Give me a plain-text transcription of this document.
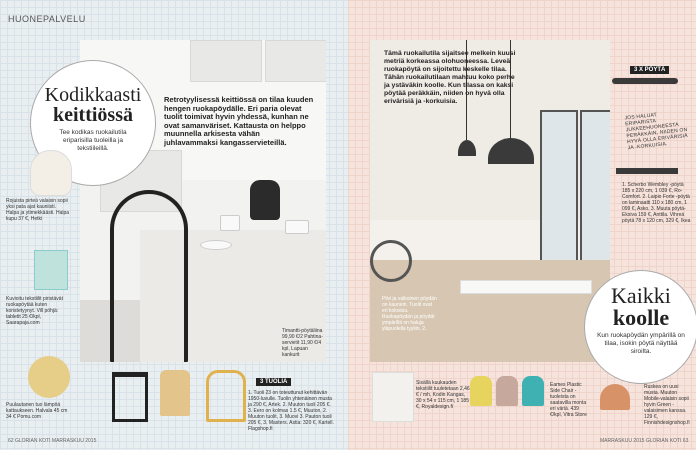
HUONEPALVELU
Kodikkaasti
keittiössä
Tee kodikas ruokailutila eriparisilla tuoleilla ja tekstiileillä.
Retrotyylisessä keittiössä on tilaa kuuden hengen ruokapöydälle. Eri paria olevat tuolit toimivat hyvin yhdessä, kunhan ne ovat samanväriset. Kattausta on helppo muunnella arkisesta vähän juhlavammaksi kangasservieteillä.
Rojuista pirteä valaisin sopii yksi pata ajat kauniisti. Halpa ja ytimekkäästi. Halpa kupu 37 €, Hetki
Kuvioitu tekstiilit piristävät ruokapöytää kuten koristetyynyt. Vill pöhjä: tabletit 25 €/kpl, Saarapaja.com
Puulautanen tuo lämpöä kattaukseen. Halvala 45 cm 34 € Pomu.com
Timantti-pöytäliina 99,90 €/2 Pahtina-servietit 11,90 €/4 kpl, Lapuan kankurit
3 TUOLIA
1. Tuoli 23 on toteuttunut kehittävän 1950-luvulle. Tuolin yhtenäinen musta ja 290 €, Artek. 2. Muuton tuoli 205 €. 3. Eero on kolmas 1.5 €, Muuton, 2. Muuton tuolit, 3. Muovi 3. Pauton tuoli 205 €, 3. Masters. Astia: 320 €, Kartell. Flagshop.fi
62 GLORIAN KOTI MARRASKUU 2015
Tämä ruokailutila sijaitsee melkein kuusi metriä korkeassa olohuoneessa. Leveä ruokapöytä on sijoitettu keskelle tilaa. Tähän ruokailutilaan mahtuu koko perhe ja ystäväkin koolle. Kun tilassa on kaksi pöytää peräkkäin, niiden on hyvä olla erivärisiä ja -korkuisia.
3 X PÖYTÄ
JOS HALUAT ERIPARISTA JUKKEEHUONEESTA PERÄKKÄIN, NIIDEN ON HYVÄ OLLA ERIVÄRISIÄ JA -KORKUISIA.
1. Scherbo Wembley -pöytä 185 x 220 cm, 1 039 €, Ro-Comfort. 2. Laipio Forte -pöytä on laminaatti 110 x 180 cm, 1 099 €, Asko. 3. Muuta pöytä-Eksiva 159 €, Anttila. Vihreä pöytä 78 x 120 cm, 329 €, Ikea
Pilvi ja valkoinen pöydän on kaunein. Tuolit ovat eri kokoisia. Ruokapöydän ja pöydät ympärillä on haluja yläpuolella tyyliin. 2.
Kaikki
koolle
Kun ruokapöydän ympärillä on tilaa, isokin pöytä näyttää siroilta.
Sisällä kuukauden tekstiilit tuuletetaan 2,46 € / mh, Kodin Kangas, 30 x 54 x 115 cm, 1 185 €, Royaldesign.fi
Eames Plastic Side Chair -tuoleista on saatavilla monta eri väriä. 439 €/kpl, Vitra Store
Ruskea on uusi musta. Muuton Mobile-valaisin sopii hyvin Green -valaisimen kanssa. 129 €, Finnishdesignshop.fi
MARRASKUU 2015 GLORIAN KOTI 63
